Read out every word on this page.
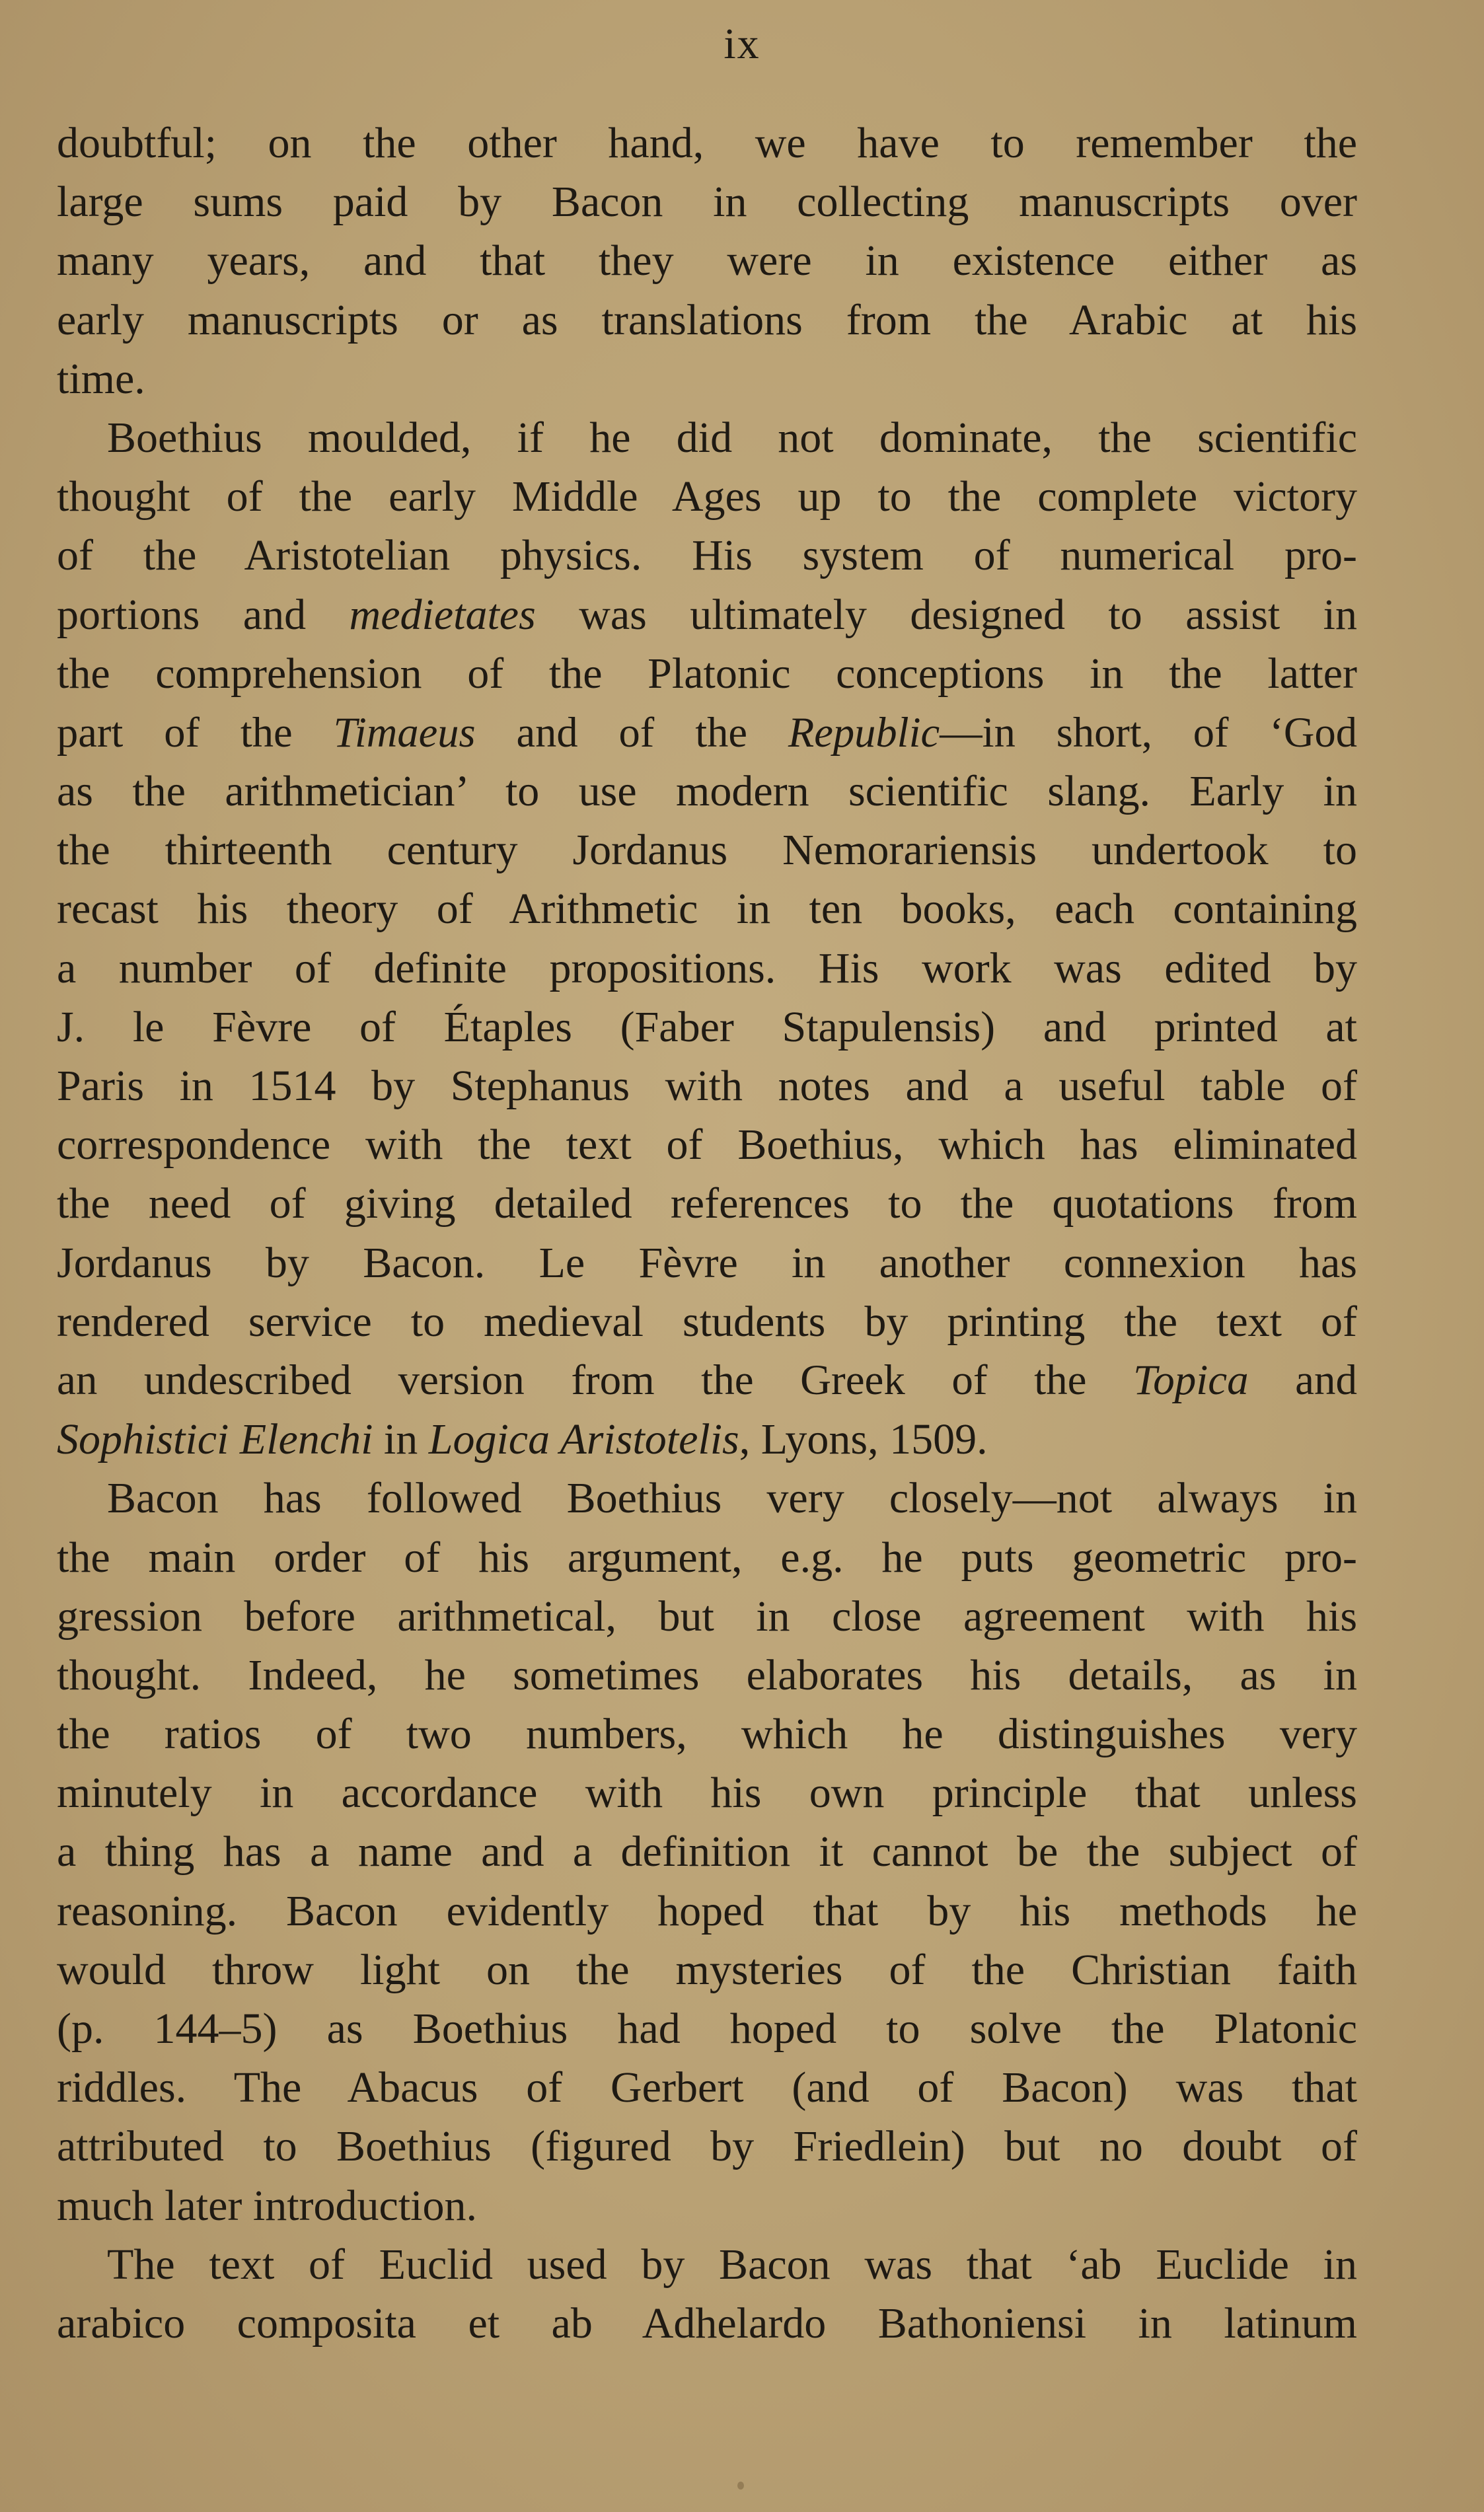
ix
doubtful; on the other hand, we have to remember the
large sums paid by Bacon in collecting manuscripts over
many years, and that they were in existence either as
early manuscripts or as translations from the Arabic at his
time.
Boethius moulded, if he did not dominate, the scientific
thought of the early Middle Ages up to the complete victory
of the Aristotelian physics. His system of numerical pro-
portions and medietates was ultimately designed to assist in
the comprehension of the Platonic conceptions in the latter
part of the Timaeus and of the Republic—in short, of ‘God
as the arithmetician’ to use modern scientific slang. Early in
the thirteenth century Jordanus Nemorariensis undertook to
recast his theory of Arithmetic in ten books, each containing
a number of definite propositions. His work was edited by
J. le Fèvre of Étaples (Faber Stapulensis) and printed at
Paris in 1514 by Stephanus with notes and a useful table of
correspondence with the text of Boethius, which has eliminated
the need of giving detailed references to the quotations from
Jordanus by Bacon. Le Fèvre in another connexion has
rendered service to medieval students by printing the text of
an undescribed version from the Greek of the Topica and
Sophistici Elenchi in Logica Aristotelis, Lyons, 1509.
Bacon has followed Boethius very closely—not always in
the main order of his argument, e.g. he puts geometric pro-
gression before arithmetical, but in close agreement with his
thought. Indeed, he sometimes elaborates his details, as in
the ratios of two numbers, which he distinguishes very
minutely in accordance with his own principle that unless
a thing has a name and a definition it cannot be the subject of
reasoning. Bacon evidently hoped that by his methods he
would throw light on the mysteries of the Christian faith
(p. 144–5) as Boethius had hoped to solve the Platonic
riddles. The Abacus of Gerbert (and of Bacon) was that
attributed to Boethius (figured by Friedlein) but no doubt of
much later introduction.
The text of Euclid used by Bacon was that ‘ab Euclide in
arabico composita et ab Adhelardo Bathoniensi in latinum
